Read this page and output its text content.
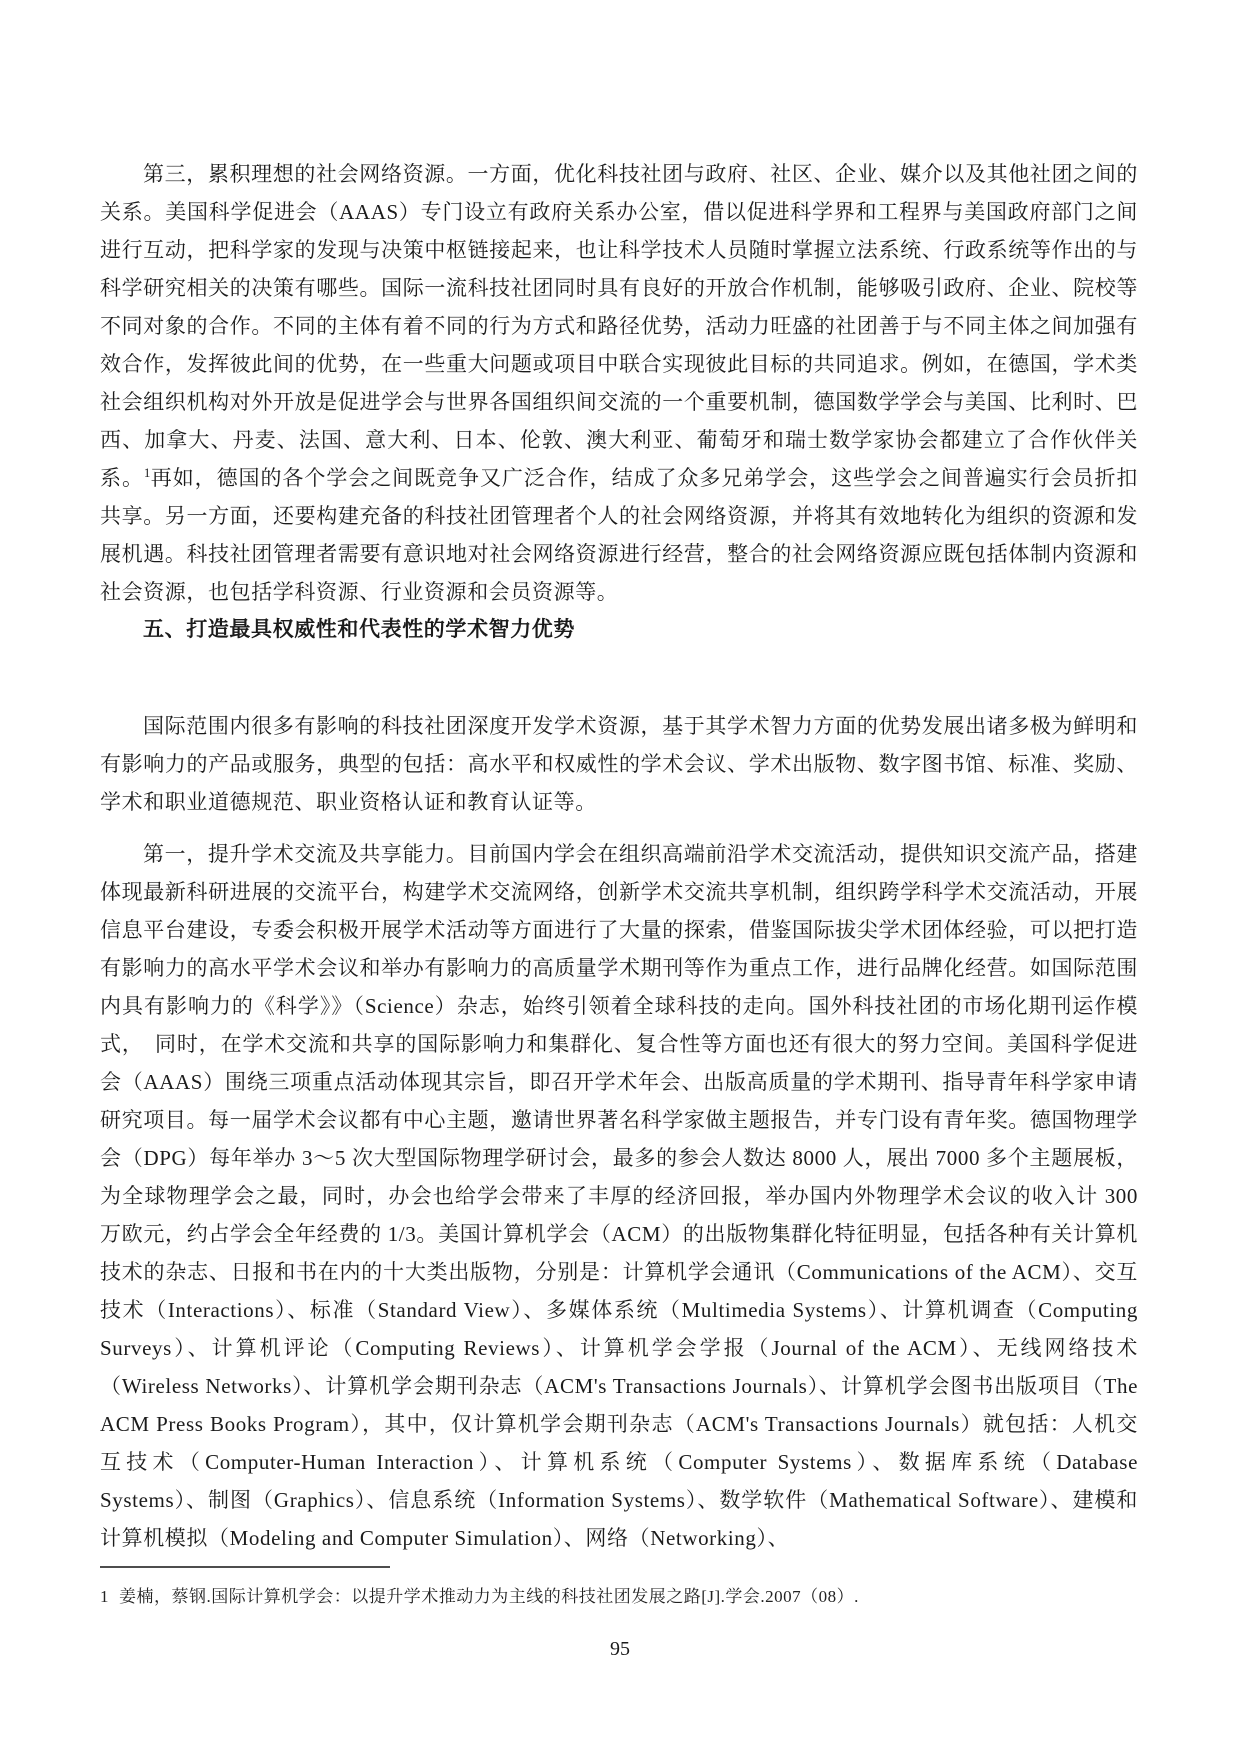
第三，累积理想的社会网络资源。一方面，优化科技社团与政府、社区、企业、媒介以及其他社团之间的关系。美国科学促进会（AAAS）专门设立有政府关系办公室，借以促进科学界和工程界与美国政府部门之间进行互动，把科学家的发现与决策中枢链接起来，也让科学技术人员随时掌握立法系统、行政系统等作出的与科学研究相关的决策有哪些。国际一流科技社团同时具有良好的开放合作机制，能够吸引政府、企业、院校等不同对象的合作。不同的主体有着不同的行为方式和路径优势，活动力旺盛的社团善于与不同主体之间加强有效合作，发挥彼此间的优势，在一些重大问题或项目中联合实现彼此目标的共同追求。例如，在德国，学术类社会组织机构对外开放是促进学会与世界各国组织间交流的一个重要机制，德国数学学会与美国、比利时、巴西、加拿大、丹麦、法国、意大利、日本、伦敦、澳大利亚、葡萄牙和瑞士数学家协会都建立了合作伙伴关系。$^1$再如，德国的各个学会之间既竞争又广泛合作，结成了众多兄弟学会，这些学会之间普遍实行会员折扣共享。另一方面，还要构建充备的科技社团管理者个人的社会网络资源，并将其有效地转化为组织的资源和发展机遇。科技社团管理者需要有意识地对社会网络资源进行经营，整合的社会网络资源应既包括体制内资源和社会资源，也包括学科资源、行业资源和会员资源等。

五、打造最具权威性和代表性的学术智力优势

国际范围内很多有影响的科技社团深度开发学术资源，基于其学术智力方面的优势发展出诸多极为鲜明和有影响力的产品或服务，典型的包括：高水平和权威性的学术会议、学术出版物、数字图书馆、标准、奖励、学术和职业道德规范、职业资格认证和教育认证等。

第一，提升学术交流及共享能力。目前国内学会在组织高端前沿学术交流活动，提供知识交流产品，搭建体现最新科研进展的交流平台，构建学术交流网络，创新学术交流共享机制，组织跨学科学术交流活动，开展信息平台建设，专委会积极开展学术活动等方面进行了大量的探索，借鉴国际拔尖学术团体经验，可以把打造有影响力的高水平学术会议和举办有影响力的高质量学术期刊等作为重点工作，进行品牌化经营。如国际范围内具有影响力的《科学》》（Science）杂志，始终引领着全球科技的走向。国外科技社团的市场化期刊运作模式，　同时，在学术交流和共享的国际影响力和集群化、复合性等方面也还有很大的努力空间。美国科学促进会（AAAS）围绕三项重点活动体现其宗旨，即召开学术年会、出版高质量的学术期刊、指导青年科学家申请研究项目。每一届学术会议都有中心主题，邀请世界著名科学家做主题报告，并专门设有青年奖。德国物理学会（DPG）每年举办 3～5 次大型国际物理学研讨会，最多的参会人数达 8000 人，展出 7000 多个主题展板，为全球物理学会之最，同时，办会也给学会带来了丰厚的经济回报，举办国内外物理学术会议的收入计 300 万欧元，约占学会全年经费的 1/3。美国计算机学会（ACM）的出版物集群化特征明显，包括各种有关计算机技术的杂志、日报和书在内的十大类出版物，分别是：计算机学会通讯（Communications of the ACM）、交互技术（Interactions）、标准（Standard View）、多媒体系统（Multimedia Systems）、计算机调查（Computing Surveys）、计算机评论（Computing Reviews）、计算机学会学报（Journal of the ACM）、无线网络技术（Wireless Networks）、计算机学会期刊杂志（ACM's Transactions Journals）、计算机学会图书出版项目（The ACM Press Books Program），其中，仅计算机学会期刊杂志（ACM's Transactions Journals）就包括：人机交互技术（Computer-Human Interaction）、计算机系统（Computer Systems）、数据库系统（Database Systems）、制图（Graphics）、信息系统（Information Systems）、数学软件（Mathematical Software）、建模和计算机模拟（Modeling and Computer Simulation）、网络（Networking）、

1 姜楠，蔡钢.国际计算机学会：以提升学术推动力为主线的科技社团发展之路[J].学会.2007（08）.
95
